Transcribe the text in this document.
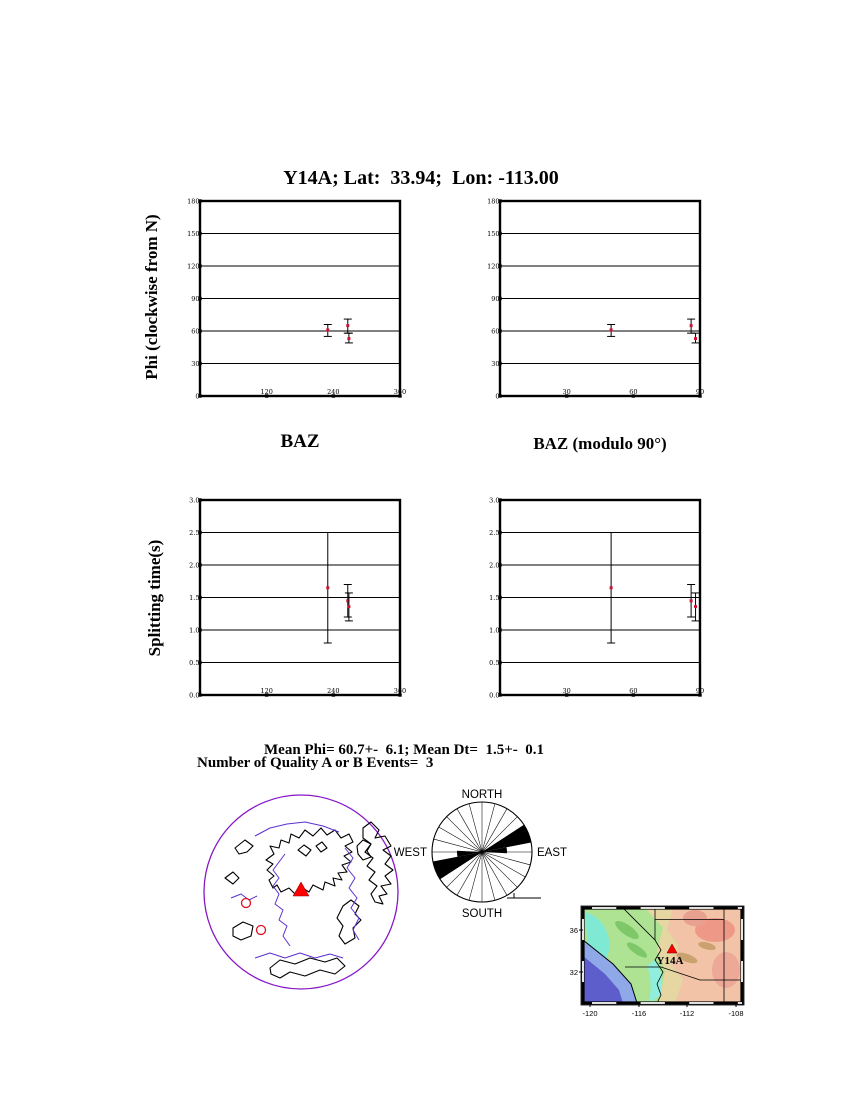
Y14A; Lat:  33.94;  Lon: -113.00
Phi (clockwise from N)
Splitting time(s)
0
30
60
90
120
150
180
120	240	360
0
30
60
90
120
150
180
30	60	90
0.0
0.5
1.0
1.5
2.0
2.5
3.0
120	240	360
0.0
0.5
1.0
1.5
2.0
2.5
3.0
30	60	90
BAZ	BAZ (modulo 90°)
Mean Phi= 60.7+-  6.1; Mean Dt=  1.5+-  0.1
Number of Quality A or B Events=  3
NORTH
EAST
SOUTH
WEST
Y14A
36
32
-120	-116	-112	-108
